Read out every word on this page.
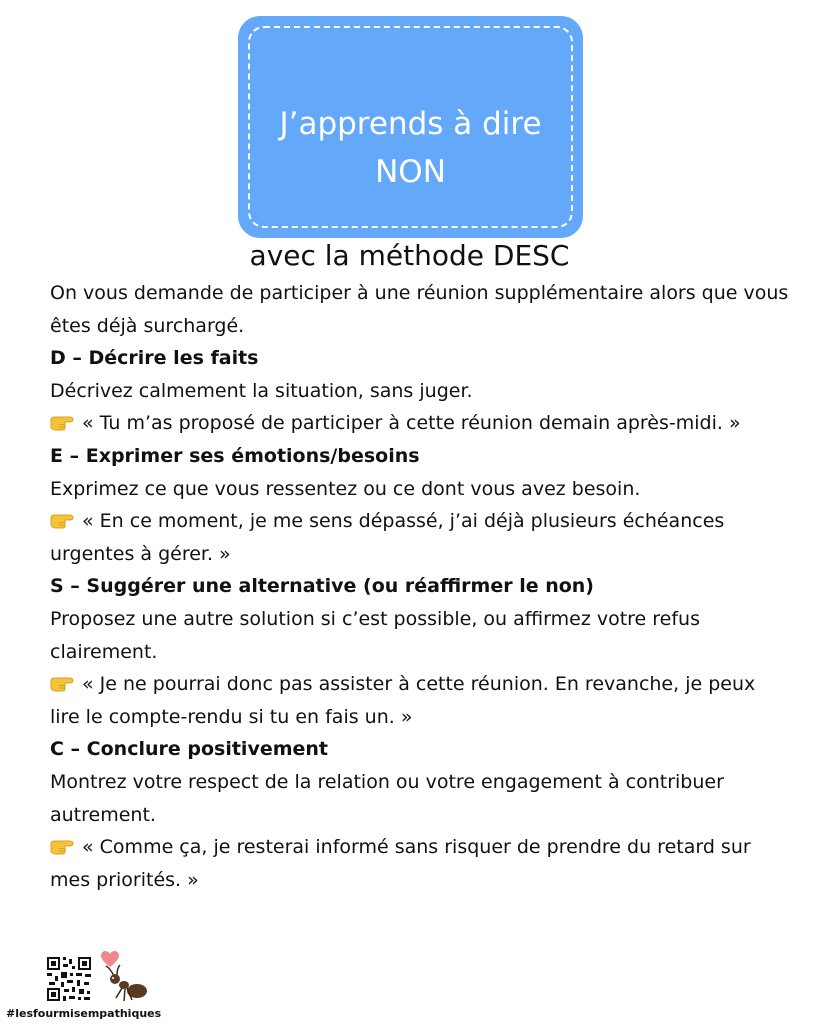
J’apprends à dire
NON
avec la méthode DESC

On vous demande de participer à une réunion supplémentaire alors que vous êtes déjà surchargé.

D – Décrire les faits

Décrivez calmement la situation, sans juger.

« Tu m’as proposé de participer à cette réunion demain après-midi. »

E – Exprimer ses émotions/besoins

Exprimez ce que vous ressentez ou ce dont vous avez besoin.

« En ce moment, je me sens dépassé, j’ai déjà plusieurs échéances urgentes à gérer. »

S – Suggérer une alternative (ou réaffirmer le non)

Proposez une autre solution si c’est possible, ou affirmez votre refus clairement.

« Je ne pourrai donc pas assister à cette réunion. En revanche, je peux lire le compte-rendu si tu en fais un. »

C – Conclure positivement

Montrez votre respect de la relation ou votre engagement à contribuer autrement.

« Comme ça, je resterai informé sans risquer de prendre du retard sur mes priorités. »

#lesfourmisempathiques
